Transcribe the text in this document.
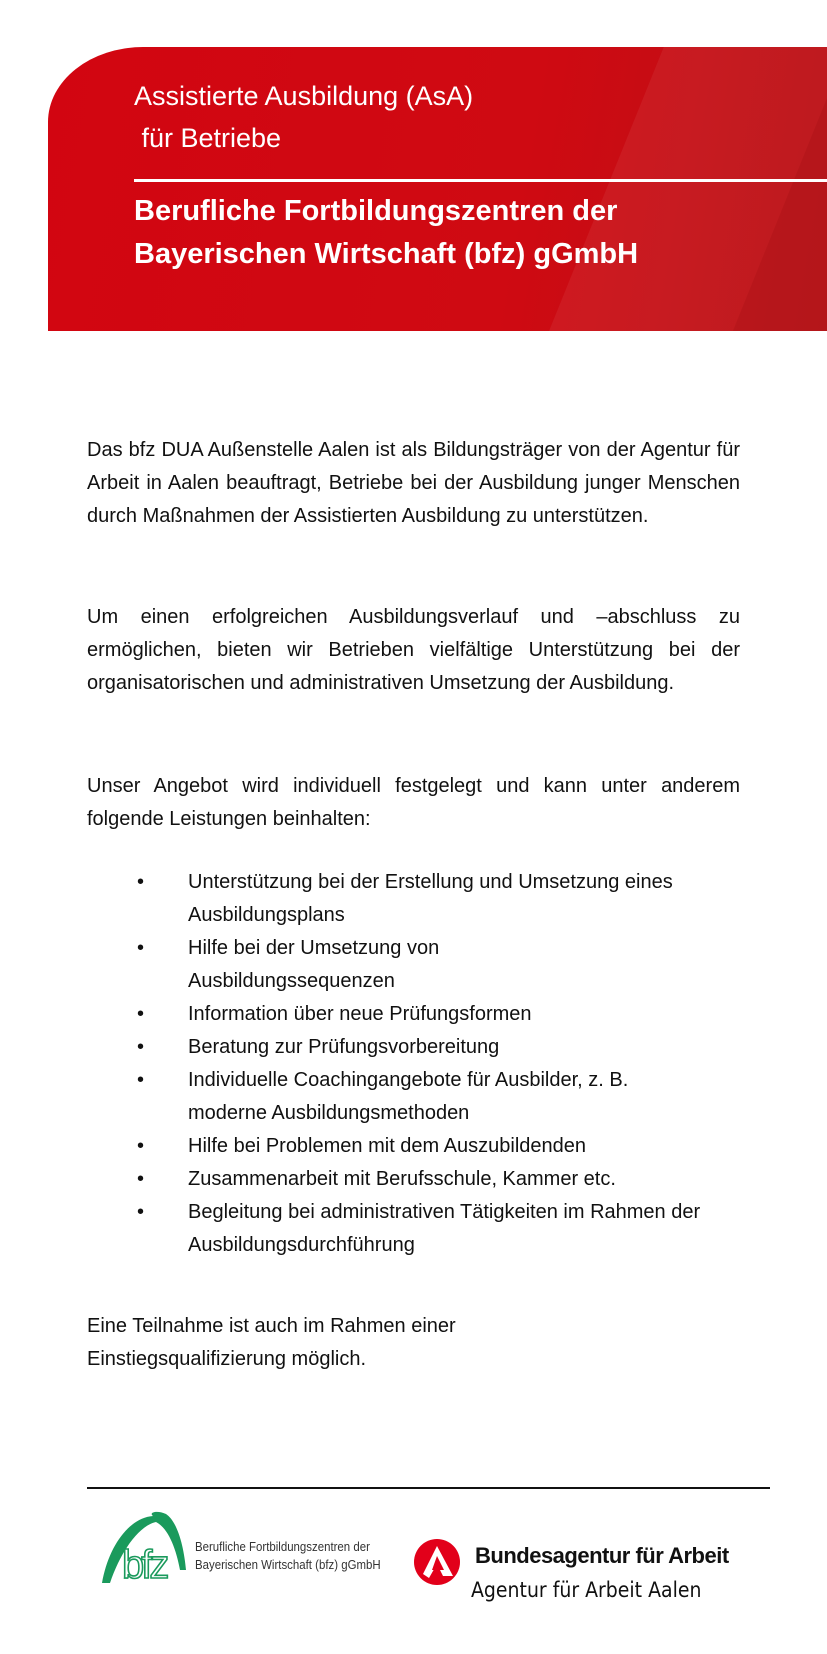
Assistierte Ausbildung (AsA)
für Betriebe
Berufliche Fortbildungszentren der
Bayerischen Wirtschaft (bfz) gGmbH

Das bfz DUA Außenstelle Aalen ist als Bildungsträger von der Agentur für Arbeit in Aalen beauftragt, Betriebe bei der Ausbildung junger Menschen durch Maßnahmen der Assistierten Ausbildung zu unterstützen.

Um einen erfolgreichen Ausbildungsverlauf und –abschluss zu ermöglichen, bieten wir Betrieben vielfältige Unterstützung bei der organisatorischen und administrativen Umsetzung der Ausbildung.

Unser Angebot wird individuell festgelegt und kann unter anderem folgende Leistungen beinhalten:

• Unterstützung bei der Erstellung und Umsetzung eines Ausbildungsplans
• Hilfe bei der Umsetzung von Ausbildungssequenzen
• Information über neue Prüfungsformen
• Beratung zur Prüfungsvorbereitung
• Individuelle Coachingangebote für Ausbilder, z. B. moderne Ausbildungsmethoden
• Hilfe bei Problemen mit dem Auszubildenden
• Zusammenarbeit mit Berufsschule, Kammer etc.
• Begleitung bei administrativen Tätigkeiten im Rahmen der Ausbildungsdurchführung
Eine Teilnahme ist auch im Rahmen einer
Einstiegsqualifizierung möglich.
bfz Berufliche Fortbildungszentren der
Bayerischen Wirtschaft (bfz) gGmbH	Bundesagentur für Arbeit
Agentur für Arbeit Aalen
